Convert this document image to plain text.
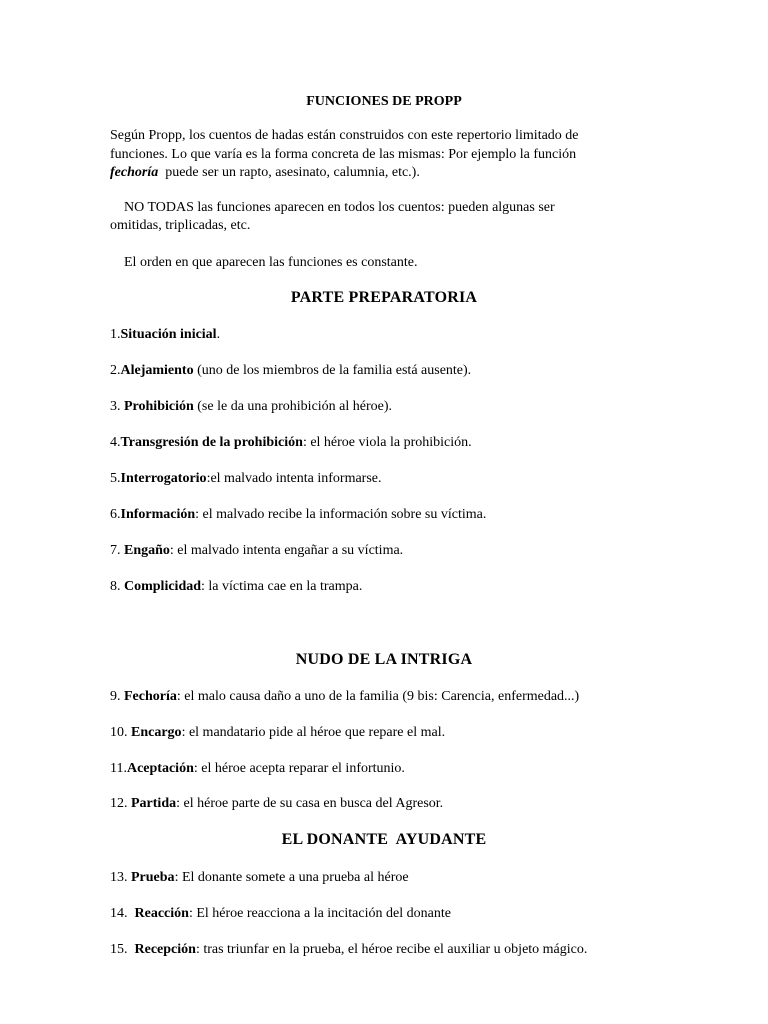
FUNCIONES DE PROPP
Según Propp, los cuentos de hadas están construidos con este repertorio limitado de
funciones. Lo que varía es la forma concreta de las mismas: Por ejemplo la función
fechoría  puede ser un rapto, asesinato, calumnia, etc.).
NO TODAS las funciones aparecen en todos los cuentos: pueden algunas ser
omitidas, triplicadas, etc.
El orden en que aparecen las funciones es constante.
PARTE PREPARATORIA
1.Situación inicial.
2.Alejamiento (uno de los miembros de la familia está ausente).
3. Prohibición (se le da una prohibición al héroe).
4.Transgresión de la prohibición: el héroe viola la prohibición.
5.Interrogatorio:el malvado intenta informarse.
6.Información: el malvado recibe la información sobre su víctima.
7. Engaño: el malvado intenta engañar a su víctima.
8. Complicidad: la víctima cae en la trampa.
NUDO DE LA INTRIGA
9. Fechoría: el malo causa daño a uno de la familia (9 bis: Carencia, enfermedad...)
10. Encargo: el mandatario pide al héroe que repare el mal.
11.Aceptación: el héroe acepta reparar el infortunio.
12. Partida: el héroe parte de su casa en busca del Agresor.
EL DONANTE  AYUDANTE
13. Prueba: El donante somete a una prueba al héroe
14.  Reacción: El héroe reacciona a la incitación del donante
15.  Recepción: tras triunfar en la prueba, el héroe recibe el auxiliar u objeto mágico.
